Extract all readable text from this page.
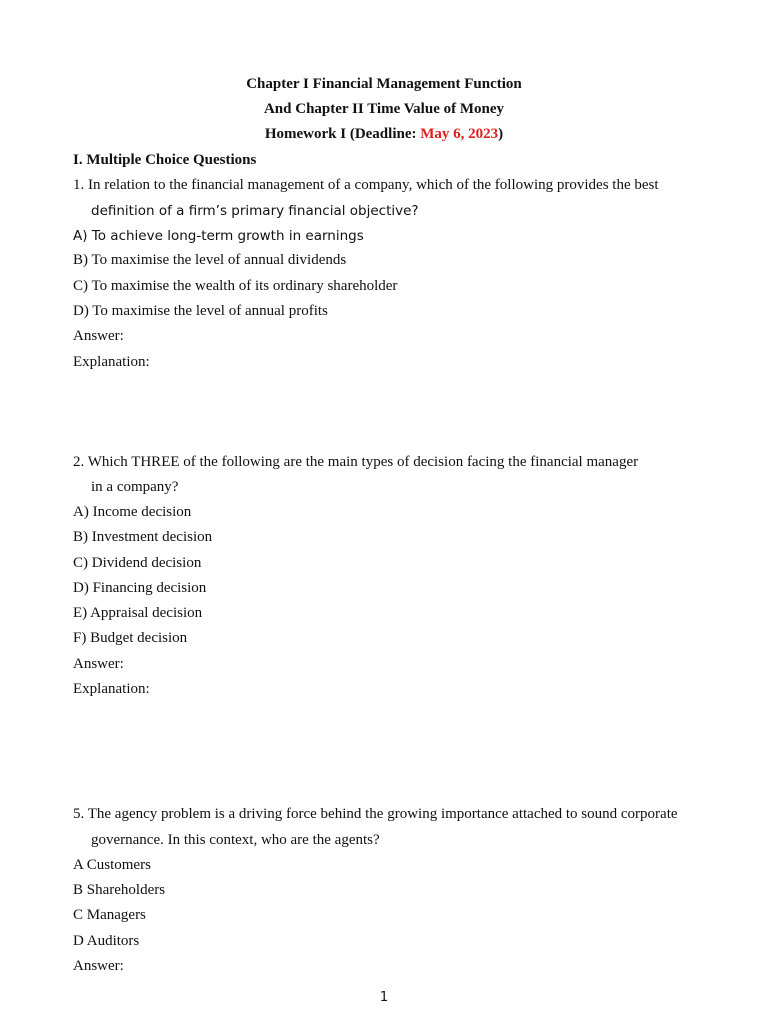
Chapter I Financial Management Function
And Chapter II Time Value of Money
Homework I (Deadline: May 6, 2023)
I. Multiple Choice Questions
1. In relation to the financial management of a company, which of the following provides the best
definition of a firm’s primary financial objective?
A) To achieve long-term growth in earnings
B) To maximise the level of annual dividends
C) To maximise the wealth of its ordinary shareholder
D) To maximise the level of annual profits
Answer:
Explanation:
2. Which THREE of the following are the main types of decision facing the financial manager
in a company?
A) Income decision
B) Investment decision
C) Dividend decision
D) Financing decision
E) Appraisal decision
F) Budget decision
Answer:
Explanation:
5. The agency problem is a driving force behind the growing importance attached to sound corporate
governance. In this context, who are the agents?
A Customers
B Shareholders
C Managers
D Auditors
Answer:
1
